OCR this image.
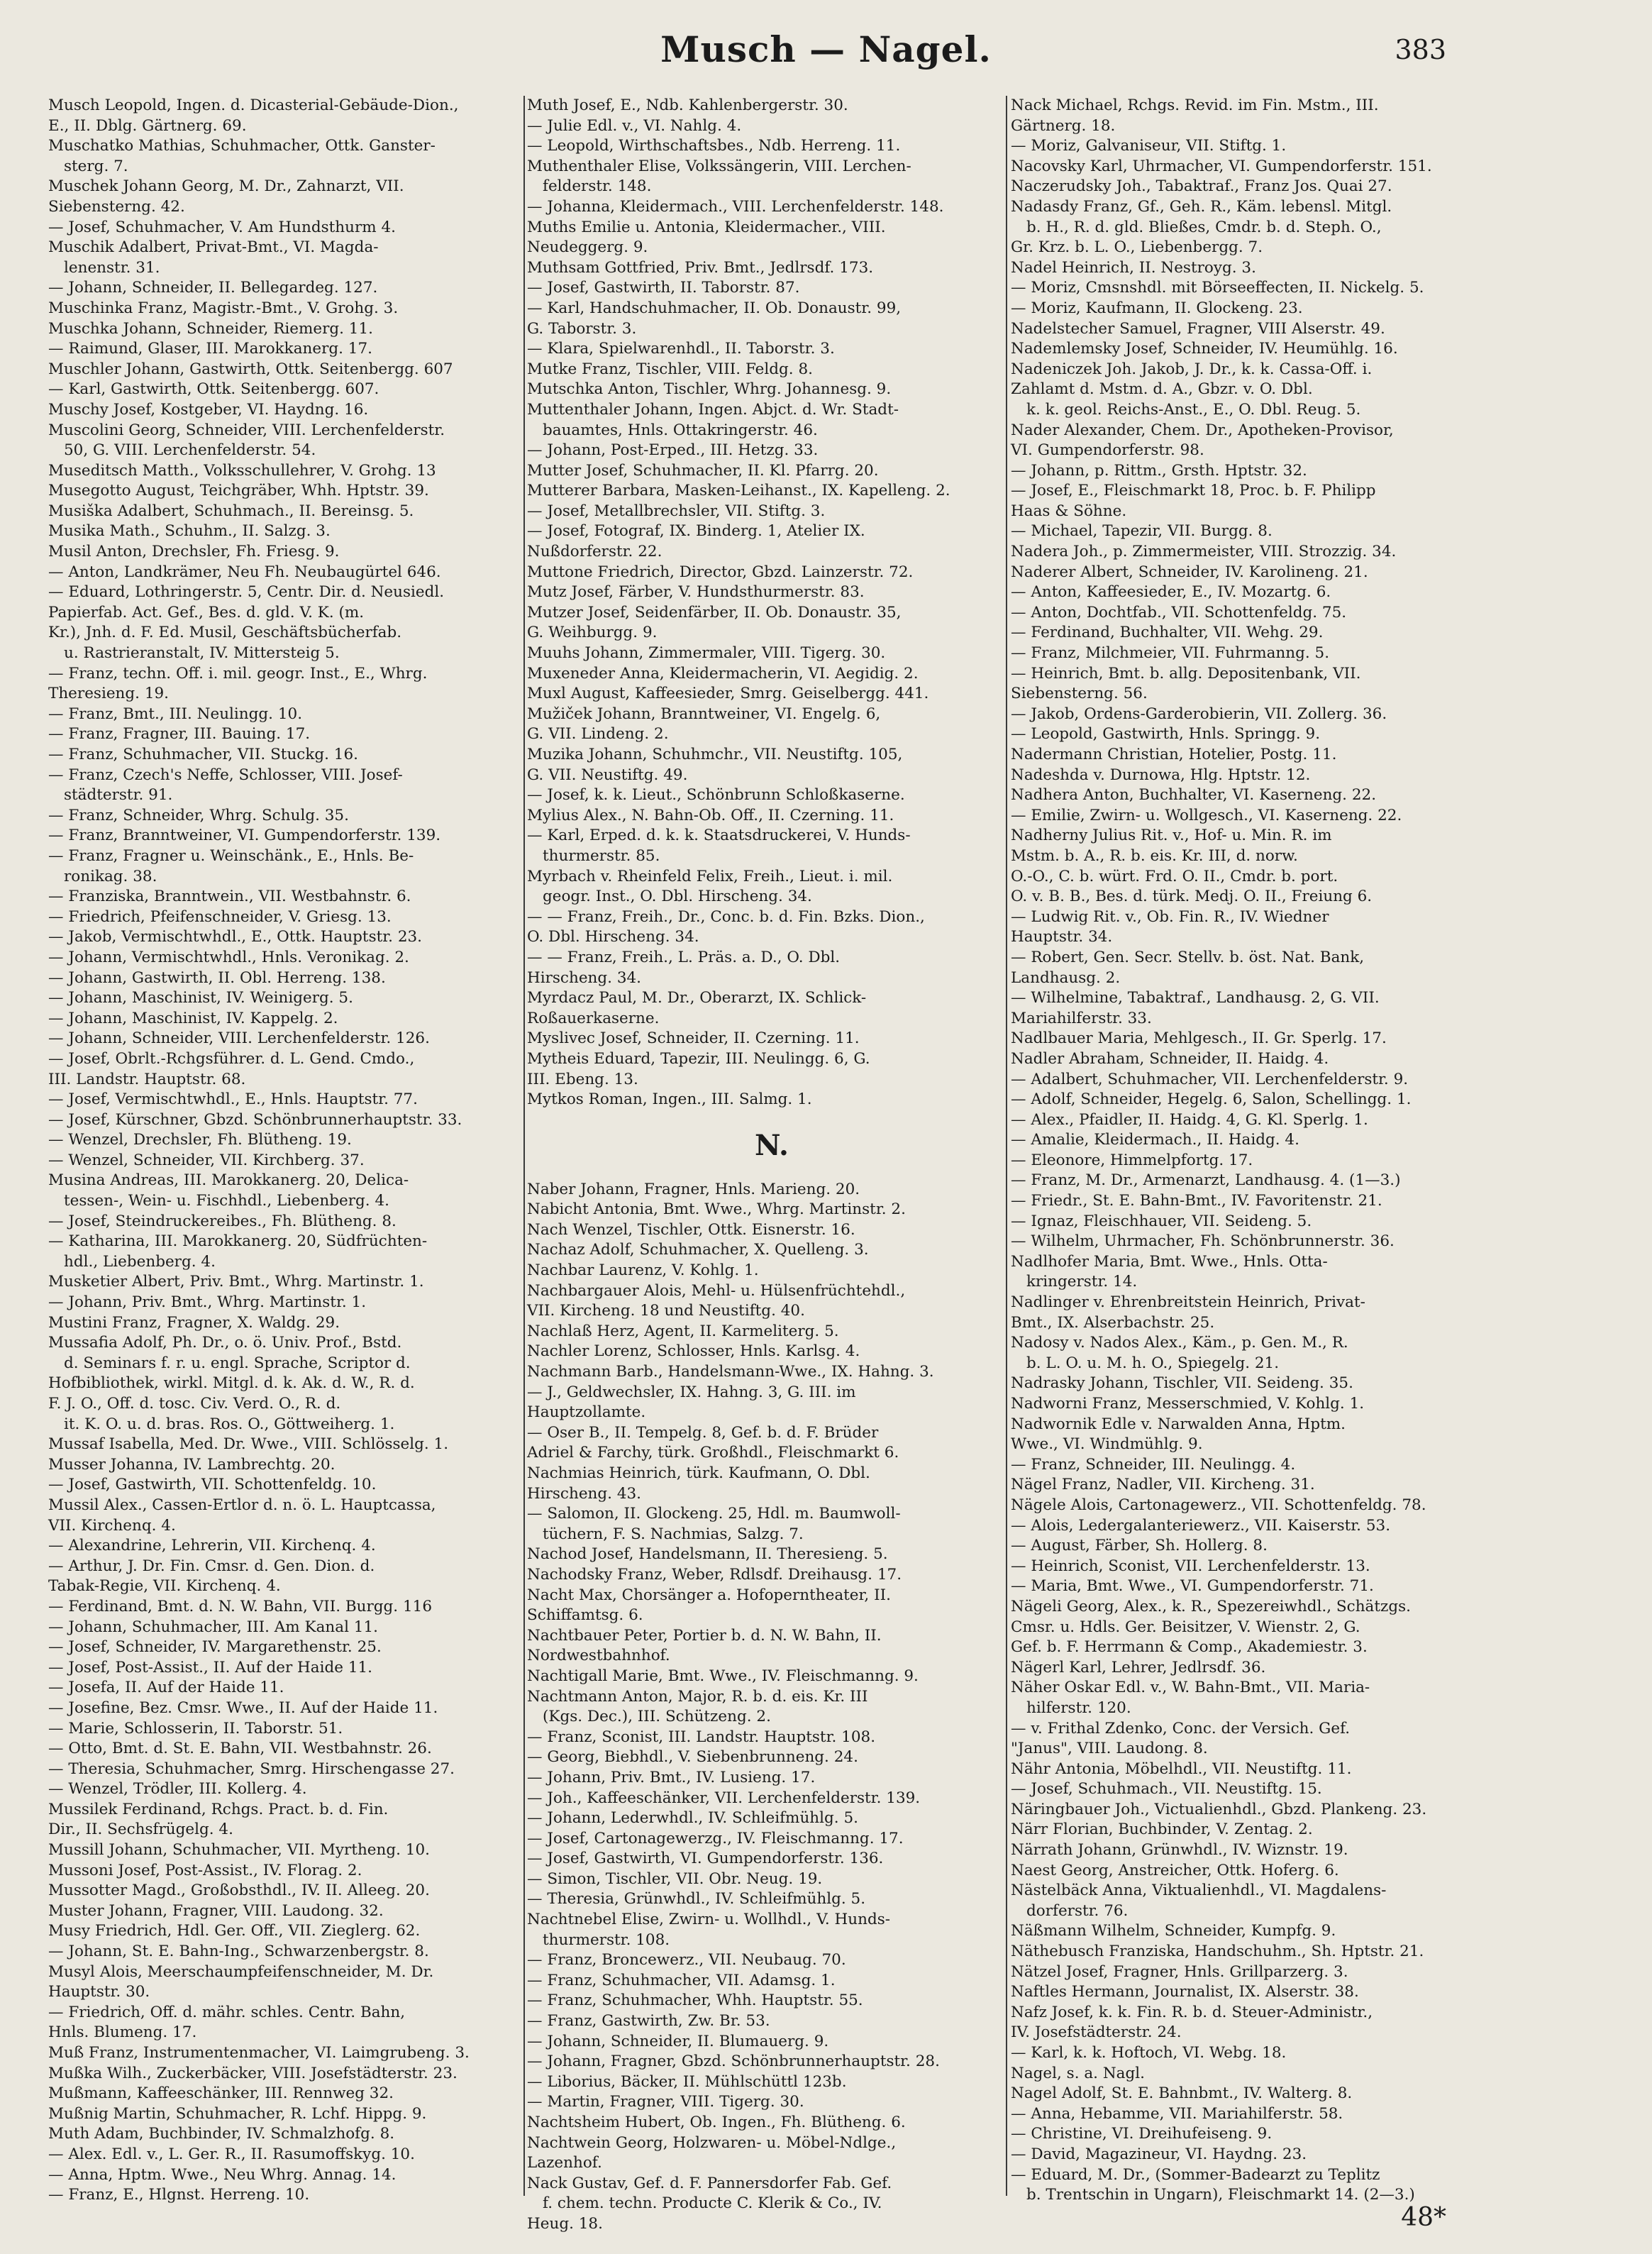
Musch — Nagel.	383
Musch Leopold, Ingen. d. Dicasterial-Gebäude-Dion.,
E., II. Dblg. Gärtnerg. 69.
Muschatko Mathias, Schuhmacher, Ottk. Ganster-
sterg. 7.
Muschek Johann Georg, M. Dr., Zahnarzt, VII.
Siebensterng. 42.
— Josef, Schuhmacher, V. Am Hundsthurm 4.
Muschik Adalbert, Privat-Bmt., VI. Magda-
lenenstr. 31.
— Johann, Schneider, II. Bellegardeg. 127.
Muschinka Franz, Magistr.-Bmt., V. Grohg. 3.
Muschka Johann, Schneider, Riemerg. 11.
— Raimund, Glaser, III. Marokkanerg. 17.
Muschler Johann, Gastwirth, Ottk. Seitenbergg. 607
— Karl, Gastwirth, Ottk. Seitenbergg. 607.
Muschy Josef, Kostgeber, VI. Haydng. 16.
Muscolini Georg, Schneider, VIII. Lerchenfelderstr.
50, G. VIII. Lerchenfelderstr. 54.
Museditsch Matth., Volksschullehrer, V. Grohg. 13
Musegotto August, Teichgräber, Whh. Hptstr. 39.
Musiška Adalbert, Schuhmach., II. Bereinsg. 5.
Musika Math., Schuhm., II. Salzg. 3.
Musil Anton, Drechsler, Fh. Friesg. 9.
— Anton, Landkrämer, Neu Fh. Neubaugürtel 646.
— Eduard, Lothringerstr. 5, Centr. Dir. d. Neusiedl.
Papierfab. Act. Gef., Bes. d. gld. V. K. (m.
Kr.), Jnh. d. F. Ed. Musil, Geschäftsbücherfab.
u. Rastrieranstalt, IV. Mittersteig 5.
— Franz, techn. Off. i. mil. geogr. Inst., E., Whrg.
Theresieng. 19.
— Franz, Bmt., III. Neulingg. 10.
— Franz, Fragner, III. Bauing. 17.
— Franz, Schuhmacher, VII. Stuckg. 16.
— Franz, Czech's Neffe, Schlosser, VIII. Josef-
städterstr. 91.
— Franz, Schneider, Whrg. Schulg. 35.
— Franz, Branntweiner, VI. Gumpendorferstr. 139.
— Franz, Fragner u. Weinschänk., E., Hnls. Be-
ronikag. 38.
— Franziska, Branntwein., VII. Westbahnstr. 6.
— Friedrich, Pfeifenschneider, V. Griesg. 13.
— Jakob, Vermischtwhdl., E., Ottk. Hauptstr. 23.
— Johann, Vermischtwhdl., Hnls. Veronikag. 2.
— Johann, Gastwirth, II. Obl. Herreng. 138.
— Johann, Maschinist, IV. Weinigerg. 5.
— Johann, Maschinist, IV. Kappelg. 2.
— Johann, Schneider, VIII. Lerchenfelderstr. 126.
— Josef, Obrlt.-Rchgsführer. d. L. Gend. Cmdo.,
III. Landstr. Hauptstr. 68.
— Josef, Vermischtwhdl., E., Hnls. Hauptstr. 77.
— Josef, Kürschner, Gbzd. Schönbrunnerhauptstr. 33.
— Wenzel, Drechsler, Fh. Blütheng. 19.
— Wenzel, Schneider, VII. Kirchberg. 37.
Musina Andreas, III. Marokkanerg. 20, Delica-
tessen-, Wein- u. Fischhdl., Liebenberg. 4.
— Josef, Steindruckereibes., Fh. Blütheng. 8.
— Katharina, III. Marokkanerg. 20, Südfrüchten-
hdl., Liebenberg. 4.
Musketier Albert, Priv. Bmt., Whrg. Martinstr. 1.
— Johann, Priv. Bmt., Whrg. Martinstr. 1.
Mustini Franz, Fragner, X. Waldg. 29.
Mussafia Adolf, Ph. Dr., o. ö. Univ. Prof., Bstd.
d. Seminars f. r. u. engl. Sprache, Scriptor d.
Hofbibliothek, wirkl. Mitgl. d. k. Ak. d. W., R. d.
F. J. O., Off. d. tosc. Civ. Verd. O., R. d.
it. K. O. u. d. bras. Ros. O., Göttweiherg. 1.
Mussaf Isabella, Med. Dr. Wwe., VIII. Schlösselg. 1.
Musser Johanna, IV. Lambrechtg. 20.
— Josef, Gastwirth, VII. Schottenfeldg. 10.
Mussil Alex., Cassen-Ertlor d. n. ö. L. Hauptcassa,
VII. Kirchenq. 4.
— Alexandrine, Lehrerin, VII. Kirchenq. 4.
— Arthur, J. Dr. Fin. Cmsr. d. Gen. Dion. d.
Tabak-Regie, VII. Kirchenq. 4.
— Ferdinand, Bmt. d. N. W. Bahn, VII. Burgg. 116
— Johann, Schuhmacher, III. Am Kanal 11.
— Josef, Schneider, IV. Margarethenstr. 25.
— Josef, Post-Assist., II. Auf der Haide 11.
— Josefa, II. Auf der Haide 11.
— Josefine, Bez. Cmsr. Wwe., II. Auf der Haide 11.
— Marie, Schlosserin, II. Taborstr. 51.
— Otto, Bmt. d. St. E. Bahn, VII. Westbahnstr. 26.
— Theresia, Schuhmacher, Smrg. Hirschengasse 27.
— Wenzel, Trödler, III. Kollerg. 4.
Mussilek Ferdinand, Rchgs. Pract. b. d. Fin.
Dir., II. Sechsfrügelg. 4.
Mussill Johann, Schuhmacher, VII. Myrtheng. 10.
Mussoni Josef, Post-Assist., IV. Florag. 2.
Mussotter Magd., Großobsthdl., IV. II. Alleeg. 20.
Muster Johann, Fragner, VIII. Laudong. 32.
Musy Friedrich, Hdl. Ger. Off., VII. Zieglerg. 62.
— Johann, St. E. Bahn-Ing., Schwarzenbergstr. 8.
Musyl Alois, Meerschaumpfeifenschneider, M. Dr.
Hauptstr. 30.
— Friedrich, Off. d. mähr. schles. Centr. Bahn,
Hnls. Blumeng. 17.
Muß Franz, Instrumentenmacher, VI. Laimgrubeng. 3.
Mußka Wilh., Zuckerbäcker, VIII. Josefstädterstr. 23.
Mußmann, Kaffeeschänker, III. Rennweg 32.
Mußnig Martin, Schuhmacher, R. Lchf. Hippg. 9.
Muth Adam, Buchbinder, IV. Schmalzhofg. 8.
— Alex. Edl. v., L. Ger. R., II. Rasumoffskyg. 10.
— Anna, Hptm. Wwe., Neu Whrg. Annag. 14.
— Franz, E., Hlgnst. Herreng. 10.
Muth Josef, E., Ndb. Kahlenbergerstr. 30.
— Julie Edl. v., VI. Nahlg. 4.
— Leopold, Wirthschaftsbes., Ndb. Herreng. 11.
Muthenthaler Elise, Volkssängerin, VIII. Lerchen-
felderstr. 148.
— Johanna, Kleidermach., VIII. Lerchenfelderstr. 148.
Muths Emilie u. Antonia, Kleidermacher., VIII.
Neudeggerg. 9.
Muthsam Gottfried, Priv. Bmt., Jedlrsdf. 173.
— Josef, Gastwirth, II. Taborstr. 87.
— Karl, Handschuhmacher, II. Ob. Donaustr. 99,
G. Taborstr. 3.
— Klara, Spielwarenhdl., II. Taborstr. 3.
Mutke Franz, Tischler, VIII. Feldg. 8.
Mutschka Anton, Tischler, Whrg. Johannesg. 9.
Muttenthaler Johann, Ingen. Abjct. d. Wr. Stadt-
bauamtes, Hnls. Ottakringerstr. 46.
— Johann, Post-Erped., III. Hetzg. 33.
Mutter Josef, Schuhmacher, II. Kl. Pfarrg. 20.
Mutterer Barbara, Masken-Leihanst., IX. Kapelleng. 2.
— Josef, Metallbrechsler, VII. Stiftg. 3.
— Josef, Fotograf, IX. Binderg. 1, Atelier IX.
Nußdorferstr. 22.
Muttone Friedrich, Director, Gbzd. Lainzerstr. 72.
Mutz Josef, Färber, V. Hundsthurmerstr. 83.
Mutzer Josef, Seidenfärber, II. Ob. Donaustr. 35,
G. Weihburgg. 9.
Muuhs Johann, Zimmermaler, VIII. Tigerg. 30.
Muxeneder Anna, Kleidermacherin, VI. Aegidig. 2.
Muxl August, Kaffeesieder, Smrg. Geiselbergg. 441.
Mužiček Johann, Branntweiner, VI. Engelg. 6,
G. VII. Lindeng. 2.
Muzika Johann, Schuhmchr., VII. Neustiftg. 105,
G. VII. Neustiftg. 49.
— Josef, k. k. Lieut., Schönbrunn Schloßkaserne.
Mylius Alex., N. Bahn-Ob. Off., II. Czerning. 11.
— Karl, Erped. d. k. k. Staatsdruckerei, V. Hunds-
thurmerstr. 85.
Myrbach v. Rheinfeld Felix, Freih., Lieut. i. mil.
geogr. Inst., O. Dbl. Hirscheng. 34.
— — Franz, Freih., Dr., Conc. b. d. Fin. Bzks. Dion.,
O. Dbl. Hirscheng. 34.
— — Franz, Freih., L. Präs. a. D., O. Dbl.
Hirscheng. 34.
Myrdacz Paul, M. Dr., Oberarzt, IX. Schlick-
Roßauerkaserne.
Myslivec Josef, Schneider, II. Czerning. 11.
Mytheis Eduard, Tapezir, III. Neulingg. 6, G.
III. Ebeng. 13.
Mytkos Roman, Ingen., III. Salmg. 1.
N.
Naber Johann, Fragner, Hnls. Marieng. 20.
Nabicht Antonia, Bmt. Wwe., Whrg. Martinstr. 2.
Nach Wenzel, Tischler, Ottk. Eisnerstr. 16.
Nachaz Adolf, Schuhmacher, X. Quelleng. 3.
Nachbar Laurenz, V. Kohlg. 1.
Nachbargauer Alois, Mehl- u. Hülsenfrüchtehdl.,
VII. Kircheng. 18 und Neustiftg. 40.
Nachlaß Herz, Agent, II. Karmeliterg. 5.
Nachler Lorenz, Schlosser, Hnls. Karlsg. 4.
Nachmann Barb., Handelsmann-Wwe., IX. Hahng. 3.
— J., Geldwechsler, IX. Hahng. 3, G. III. im
Hauptzollamte.
— Oser B., II. Tempelg. 8, Gef. b. d. F. Brüder
Adriel & Farchy, türk. Großhdl., Fleischmarkt 6.
Nachmias Heinrich, türk. Kaufmann, O. Dbl.
Hirscheng. 43.
— Salomon, II. Glockeng. 25, Hdl. m. Baumwoll-
tüchern, F. S. Nachmias, Salzg. 7.
Nachod Josef, Handelsmann, II. Theresieng. 5.
Nachodsky Franz, Weber, Rdlsdf. Dreihausg. 17.
Nacht Max, Chorsänger a. Hofoperntheater, II.
Schiffamtsg. 6.
Nachtbauer Peter, Portier b. d. N. W. Bahn, II.
Nordwestbahnhof.
Nachtigall Marie, Bmt. Wwe., IV. Fleischmanng. 9.
Nachtmann Anton, Major, R. b. d. eis. Kr. III
(Kgs. Dec.), III. Schützeng. 2.
— Franz, Sconist, III. Landstr. Hauptstr. 108.
— Georg, Biebhdl., V. Siebenbrunneng. 24.
— Johann, Priv. Bmt., IV. Lusieng. 17.
— Joh., Kaffeeschänker, VII. Lerchenfelderstr. 139.
— Johann, Lederwhdl., IV. Schleifmühlg. 5.
— Josef, Cartonagewerzg., IV. Fleischmanng. 17.
— Josef, Gastwirth, VI. Gumpendorferstr. 136.
— Simon, Tischler, VII. Obr. Neug. 19.
— Theresia, Grünwhdl., IV. Schleifmühlg. 5.
Nachtnebel Elise, Zwirn- u. Wollhdl., V. Hunds-
thurmerstr. 108.
— Franz, Broncewerz., VII. Neubaug. 70.
— Franz, Schuhmacher, VII. Adamsg. 1.
— Franz, Schuhmacher, Whh. Hauptstr. 55.
— Franz, Gastwirth, Zw. Br. 53.
— Johann, Schneider, II. Blumauerg. 9.
— Johann, Fragner, Gbzd. Schönbrunnerhauptstr. 28.
— Liborius, Bäcker, II. Mühlschüttl 123b.
— Martin, Fragner, VIII. Tigerg. 30.
Nachtsheim Hubert, Ob. Ingen., Fh. Blütheng. 6.
Nachtwein Georg, Holzwaren- u. Möbel-Ndlge.,
Lazenhof.
Nack Gustav, Gef. d. F. Pannersdorfer Fab. Gef.
f. chem. techn. Producte C. Klerik & Co., IV.
Heug. 18.
Nack Michael, Rchgs. Revid. im Fin. Mstm., III.
Gärtnerg. 18.
— Moriz, Galvaniseur, VII. Stiftg. 1.
Nacovsky Karl, Uhrmacher, VI. Gumpendorferstr. 151.
Naczerudsky Joh., Tabaktraf., Franz Jos. Quai 27.
Nadasdy Franz, Gf., Geh. R., Käm. lebensl. Mitgl.
b. H., R. d. gld. Bließes, Cmdr. b. d. Steph. O.,
Gr. Krz. b. L. O., Liebenbergg. 7.
Nadel Heinrich, II. Nestroyg. 3.
— Moriz, Cmsnshdl. mit Börseeffecten, II. Nickelg. 5.
— Moriz, Kaufmann, II. Glockeng. 23.
Nadelstecher Samuel, Fragner, VIII Alserstr. 49.
Nademlemsky Josef, Schneider, IV. Heumühlg. 16.
Nadeniczek Joh. Jakob, J. Dr., k. k. Cassa-Off. i.
Zahlamt d. Mstm. d. A., Gbzr. v. O. Dbl.
k. k. geol. Reichs-Anst., E., O. Dbl. Reug. 5.
Nader Alexander, Chem. Dr., Apotheken-Provisor,
VI. Gumpendorferstr. 98.
— Johann, p. Rittm., Grsth. Hptstr. 32.
— Josef, E., Fleischmarkt 18, Proc. b. F. Philipp
Haas & Söhne.
— Michael, Tapezir, VII. Burgg. 8.
Nadera Joh., p. Zimmermeister, VIII. Strozzig. 34.
Naderer Albert, Schneider, IV. Karolineng. 21.
— Anton, Kaffeesieder, E., IV. Mozartg. 6.
— Anton, Dochtfab., VII. Schottenfeldg. 75.
— Ferdinand, Buchhalter, VII. Wehg. 29.
— Franz, Milchmeier, VII. Fuhrmanng. 5.
— Heinrich, Bmt. b. allg. Depositenbank, VII.
Siebensterng. 56.
— Jakob, Ordens-Garderobierin, VII. Zollerg. 36.
— Leopold, Gastwirth, Hnls. Springg. 9.
Nadermann Christian, Hotelier, Postg. 11.
Nadeshda v. Durnowa, Hlg. Hptstr. 12.
Nadhera Anton, Buchhalter, VI. Kaserneng. 22.
— Emilie, Zwirn- u. Wollgesch., VI. Kaserneng. 22.
Nadherny Julius Rit. v., Hof- u. Min. R. im
Mstm. b. A., R. b. eis. Kr. III, d. norw.
O.-O., C. b. würt. Frd. O. II., Cmdr. b. port.
O. v. B. B., Bes. d. türk. Medj. O. II., Freiung 6.
— Ludwig Rit. v., Ob. Fin. R., IV. Wiedner
Hauptstr. 34.
— Robert, Gen. Secr. Stellv. b. öst. Nat. Bank,
Landhausg. 2.
— Wilhelmine, Tabaktraf., Landhausg. 2, G. VII.
Mariahilferstr. 33.
Nadlbauer Maria, Mehlgesch., II. Gr. Sperlg. 17.
Nadler Abraham, Schneider, II. Haidg. 4.
— Adalbert, Schuhmacher, VII. Lerchenfelderstr. 9.
— Adolf, Schneider, Hegelg. 6, Salon, Schellingg. 1.
— Alex., Pfaidler, II. Haidg. 4, G. Kl. Sperlg. 1.
— Amalie, Kleidermach., II. Haidg. 4.
— Eleonore, Himmelpfortg. 17.
— Franz, M. Dr., Armenarzt, Landhausg. 4. (1—3.)
— Friedr., St. E. Bahn-Bmt., IV. Favoritenstr. 21.
— Ignaz, Fleischhauer, VII. Seideng. 5.
— Wilhelm, Uhrmacher, Fh. Schönbrunnerstr. 36.
Nadlhofer Maria, Bmt. Wwe., Hnls. Otta-
kringerstr. 14.
Nadlinger v. Ehrenbreitstein Heinrich, Privat-
Bmt., IX. Alserbachstr. 25.
Nadosy v. Nados Alex., Käm., p. Gen. M., R.
b. L. O. u. M. h. O., Spiegelg. 21.
Nadrasky Johann, Tischler, VII. Seideng. 35.
Nadworni Franz, Messerschmied, V. Kohlg. 1.
Nadwornik Edle v. Narwalden Anna, Hptm.
Wwe., VI. Windmühlg. 9.
— Franz, Schneider, III. Neulingg. 4.
Nägel Franz, Nadler, VII. Kircheng. 31.
Nägele Alois, Cartonagewerz., VII. Schottenfeldg. 78.
— Alois, Ledergalanteriewerz., VII. Kaiserstr. 53.
— August, Färber, Sh. Hollerg. 8.
— Heinrich, Sconist, VII. Lerchenfelderstr. 13.
— Maria, Bmt. Wwe., VI. Gumpendorferstr. 71.
Nägeli Georg, Alex., k. R., Spezereiwhdl., Schätzgs.
Cmsr. u. Hdls. Ger. Beisitzer, V. Wienstr. 2, G.
Gef. b. F. Herrmann & Comp., Akademiestr. 3.
Nägerl Karl, Lehrer, Jedlrsdf. 36.
Näher Oskar Edl. v., W. Bahn-Bmt., VII. Maria-
hilferstr. 120.
— v. Frithal Zdenko, Conc. der Versich. Gef.
"Janus", VIII. Laudong. 8.
Nähr Antonia, Möbelhdl., VII. Neustiftg. 11.
— Josef, Schuhmach., VII. Neustiftg. 15.
Näringbauer Joh., Victualienhdl., Gbzd. Plankeng. 23.
Närr Florian, Buchbinder, V. Zentag. 2.
Närrath Johann, Grünwhdl., IV. Wiznstr. 19.
Naest Georg, Anstreicher, Ottk. Hoferg. 6.
Nästelbäck Anna, Viktualienhdl., VI. Magdalens-
dorferstr. 76.
Näßmann Wilhelm, Schneider, Kumpfg. 9.
Näthebusch Franziska, Handschuhm., Sh. Hptstr. 21.
Nätzel Josef, Fragner, Hnls. Grillparzerg. 3.
Naftles Hermann, Journalist, IX. Alserstr. 38.
Nafz Josef, k. k. Fin. R. b. d. Steuer-Administr.,
IV. Josefstädterstr. 24.
— Karl, k. k. Hoftoch, VI. Webg. 18.
Nagel, s. a. Nagl.
Nagel Adolf, St. E. Bahnbmt., IV. Walterg. 8.
— Anna, Hebamme, VII. Mariahilferstr. 58.
— Christine, VI. Dreihufeiseng. 9.
— David, Magazineur, VI. Haydng. 23.
— Eduard, M. Dr., (Sommer-Badearzt zu Teplitz
b. Trentschin in Ungarn), Fleischmarkt 14. (2—3.)
48*
